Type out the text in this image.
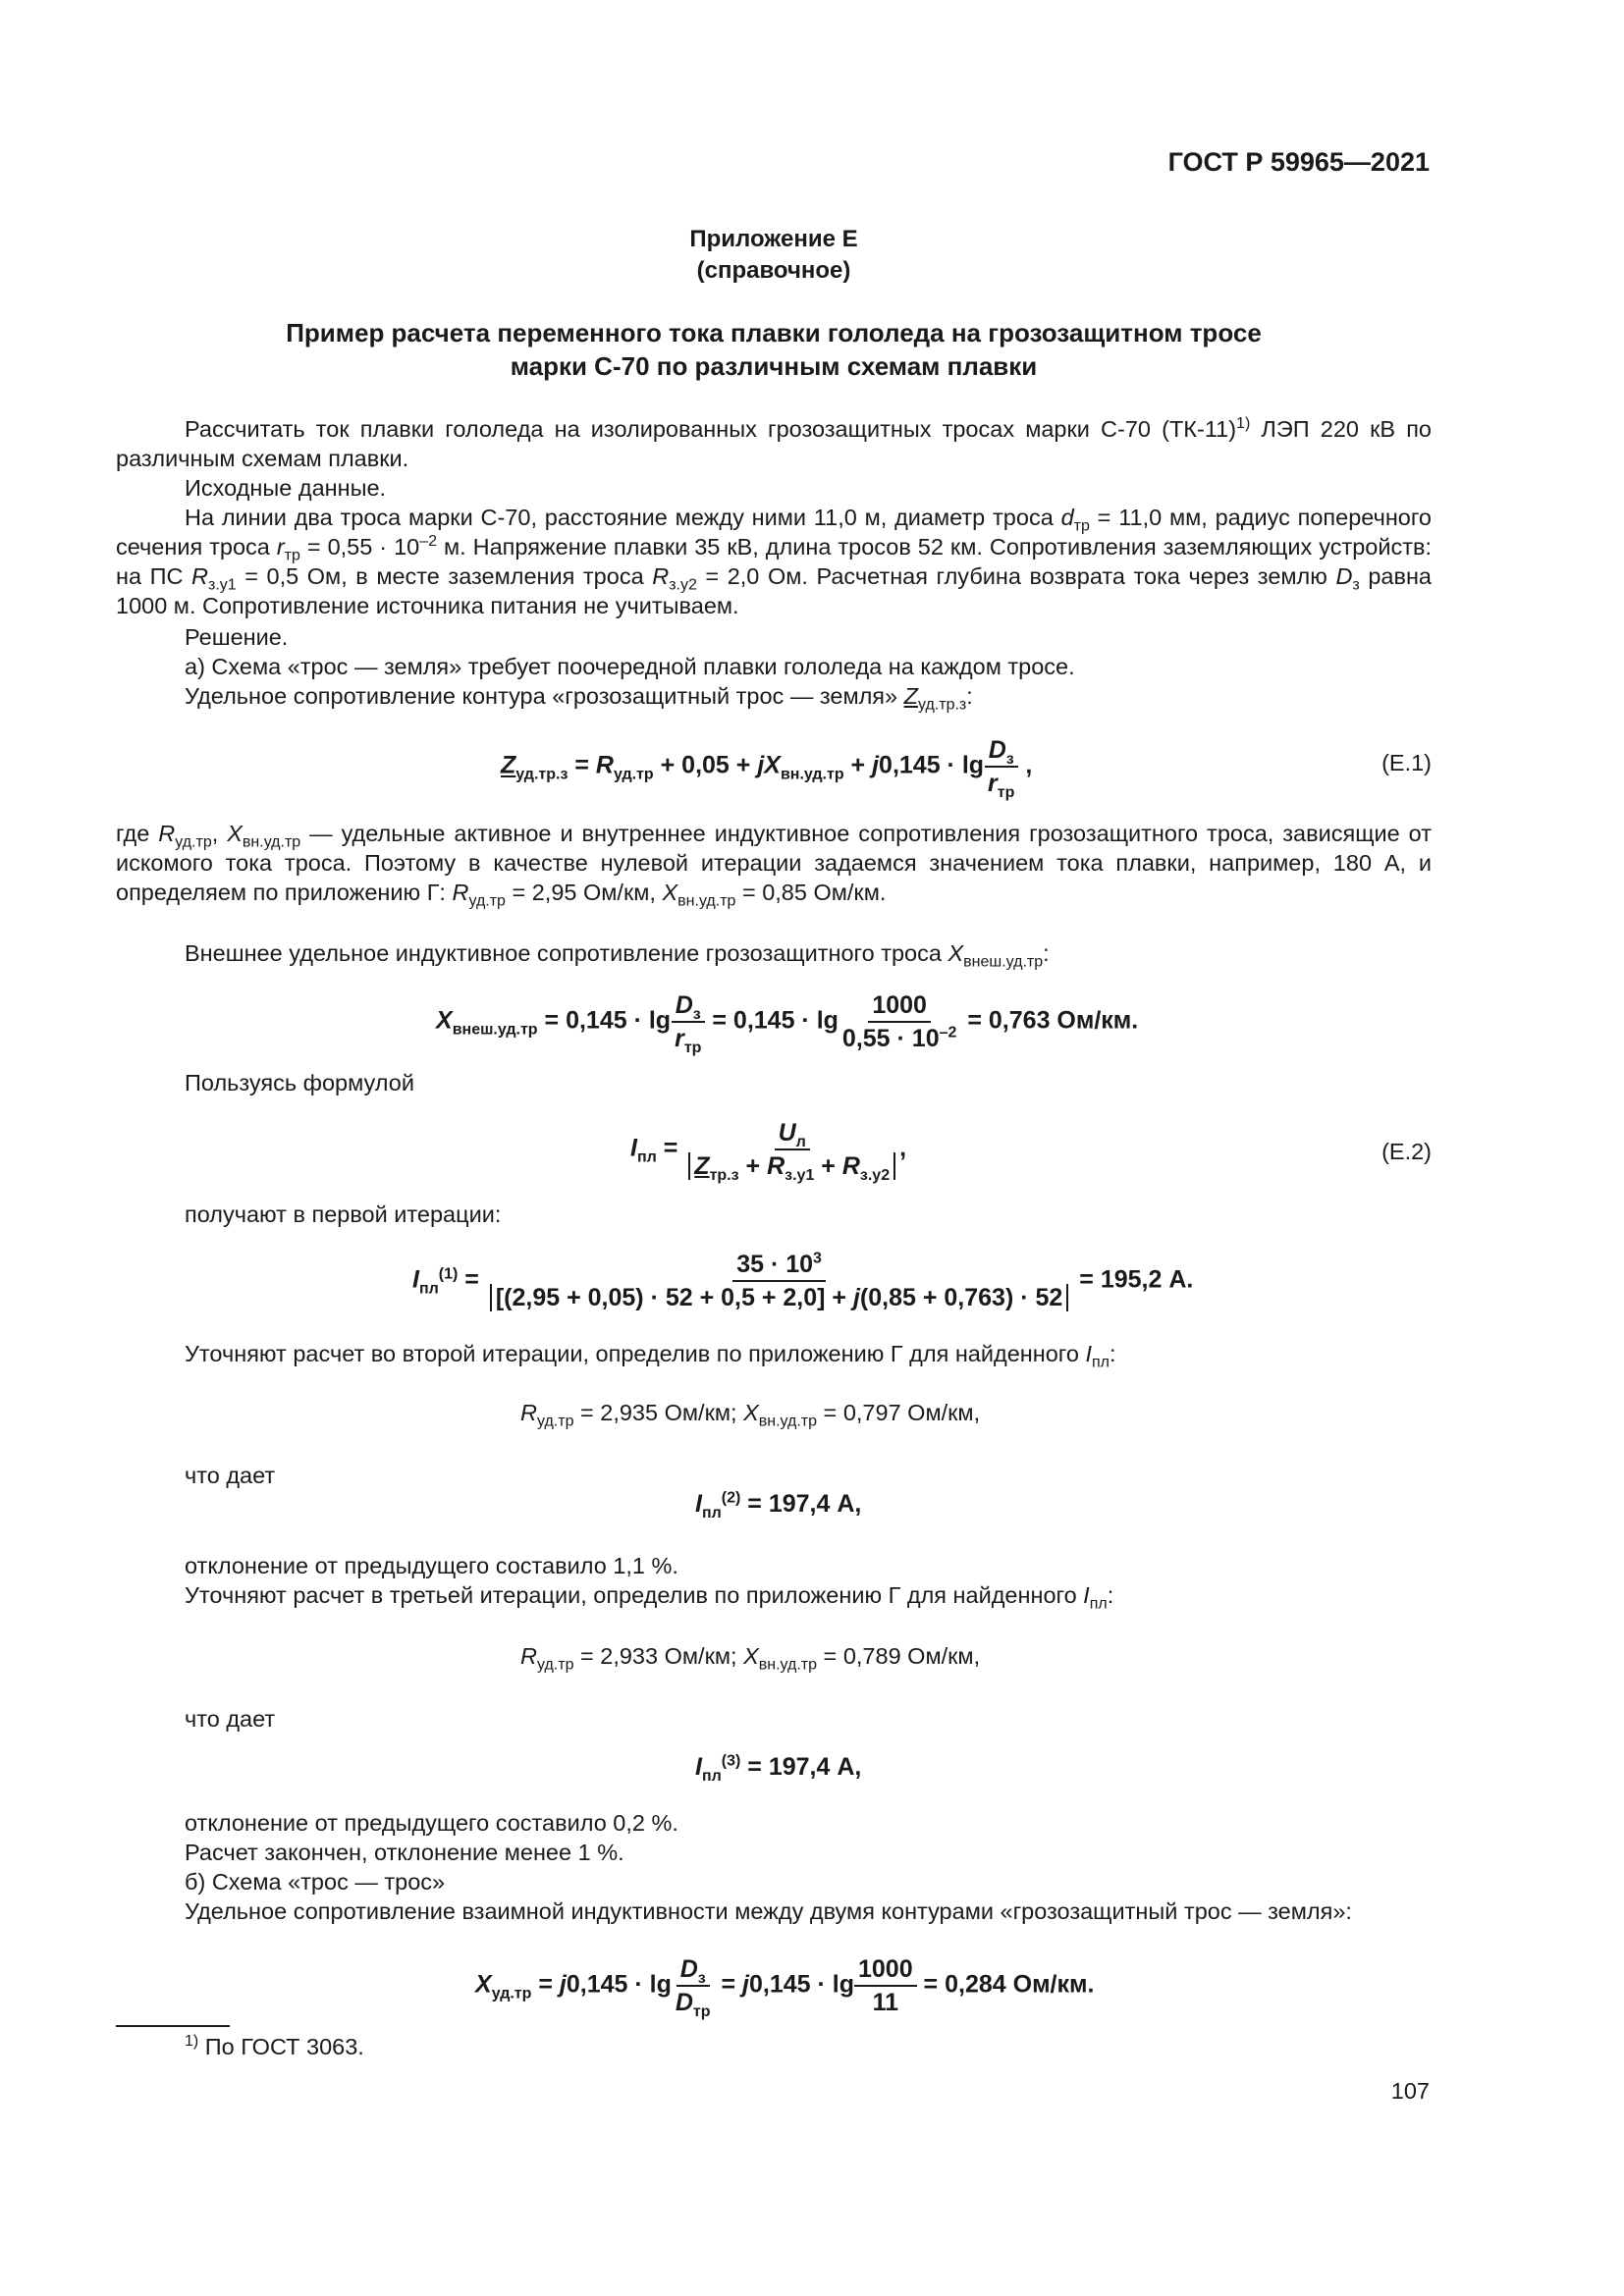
ГОСТ Р 59965—2021
Приложение Е
(справочное)
Пример расчета переменного тока плавки гололеда на грозозащитном тросе
марки С-70 по различным схемам плавки
Рассчитать ток плавки гололеда на изолированных грозозащитных тросах марки С-70 $(ТК-11)^{1)}$ ЛЭП 220 кВ по различным схемам плавки.
Исходные данные.
На линии два троса марки С-70, расстояние между ними 11,0 м, диаметр троса $d_{тр} = 11,0$ мм, радиус поперечного сечения троса $r_{тр} = 0,55 \cdot 10^{-2}$ м. Напряжение плавки 35 кВ, длина тросов 52 км. Сопротивления заземляющих устройств: на ПС $R_{з.у1} = 0,5$ Ом, в месте заземления троса $R_{з.у2} = 2,0$ Ом. Расчетная глубина возврата тока через землю $D_з$ равна 1000 м. Сопротивление источника питания не учитываем.
Решение.
а) Схема «трос — земля» требует поочередной плавки гололеда на каждом тросе.
Удельное сопротивление контура «грозозащитный трос — земля» $Z_{уд.тр.з}$:
$Z_{уд.тр.з} = R_{уд.тр} + 0,05 + jX_{вн.уд.тр} + j0,145 \cdot \lg \frac{D_з}{r_{тр}}$ ,	(Е.1)
где $R_{уд.тр}$, $X_{вн.уд.тр}$ — удельные активное и внутреннее индуктивное сопротивления грозозащитного троса, зависящие от искомого тока троса. Поэтому в качестве нулевой итерации задаемся значением тока плавки, например, 180 А, и определяем по приложению Г: $R_{уд.тр} = 2,95$ Ом/км, $X_{вн.уд.тр} = 0,85$ Ом/км.
Внешнее удельное индуктивное сопротивление грозозащитного троса $X_{внеш.уд.тр}$:
$X_{внеш.уд.тр} = 0,145 \cdot \lg \frac{D_з}{r_{тр}} = 0,145 \cdot \lg \frac{1000}{0,55 \cdot 10^{-2}} = 0,763$ Ом/км.
Пользуясь формулой
$I_{пл} = \frac{U_л}{Z_{тр.з} + R_{з.у1} + R_{з.у2}}$ ,	(Е.2)
получают в первой итерации:
$I_{пл}^{(1)} = \frac{35 \cdot 10^3}{[(2,95 + 0,05) \cdot 52 + 0,5 + 2,0] + j(0,85 + 0,763) \cdot 52} = 195,2$ А.
Уточняют расчет во второй итерации, определив по приложению Г для найденного $I_{пл}$:
$R_{уд.тр} = 2,935$ Ом/км; $X_{вн.уд.тр} = 0,797$ Ом/км,
что дает
$I_{пл}^{(2)} = 197,4$ А,
отклонение от предыдущего составило 1,1 %.
Уточняют расчет в третьей итерации, определив по приложению Г для найденного $I_{пл}$:
$R_{уд.тр} = 2,933$ Ом/км; $X_{вн.уд.тр} = 0,789$ Ом/км,
что дает
$I_{пл}^{(3)} = 197,4$ А,
отклонение от предыдущего составило 0,2 %.
Расчет закончен, отклонение менее 1 %.
б) Схема «трос — трос»
Удельное сопротивление взаимной индуктивности между двумя контурами «грозозащитный трос — земля»:
$X_{уд.тр} = j0,145 \cdot \lg \frac{D_з}{D_{тр}} = j0,145 \cdot \lg \frac{1000}{11} = 0,284$ Ом/км.
$^{1)}$ По ГОСТ 3063.
107
